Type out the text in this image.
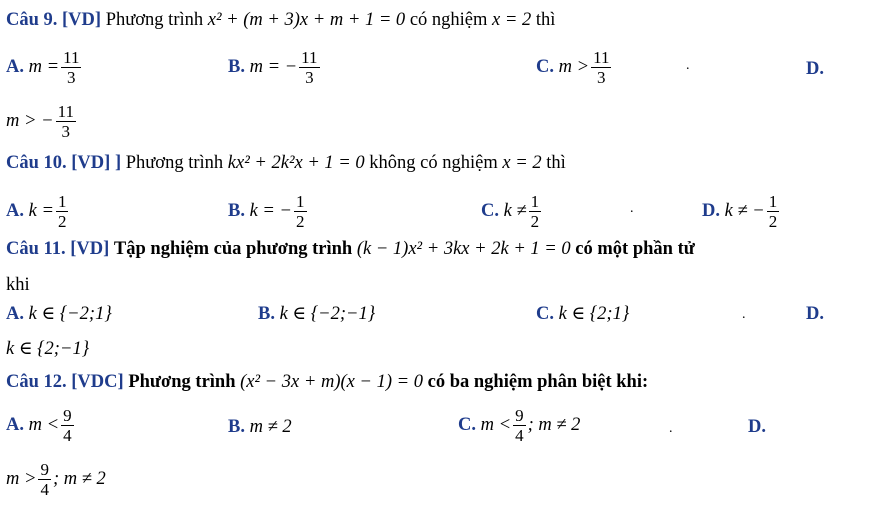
Câu 9. [VD] Phương trình x² + (m + 3)x + m + 1 = 0 có nghiệm x = 2 thì
A. $m = \frac{11}{3}$	B. m = − $\frac{11}{3}$	C. $m > \frac{11}{3}$	.	D.
m > − $\frac{11}{3}$
Câu 10. [VD] ] Phương trình kx² + 2k²x + 1 = 0 không có nghiệm x = 2 thì
A. $k = \frac{1}{2}$	B. k = − $\frac{1}{2}$	C. $k \ne \frac{1}{2}$	.	D. k ≠ − $\frac{1}{2}$
Câu 11. [VD] Tập nghiệm của phương trình (k − 1)x² + 3kx + 2k + 1 = 0 có một phần tử
khi
A. k ∈ {−2;1}	B. k ∈ {−2;−1}	C. k ∈ {2;1}	.	D.
k ∈ {2;−1}
Câu 12. [VDC] Phương trình (x² − 3x + m)(x − 1) = 0 có ba nghiệm phân biệt khi:
A. $m < \frac{9}{4}$	B. m ≠ 2	C. $m < \frac{9}{4}$ ; m ≠ 2	.	D.
$m > \frac{9}{4}$ ; m ≠ 2
